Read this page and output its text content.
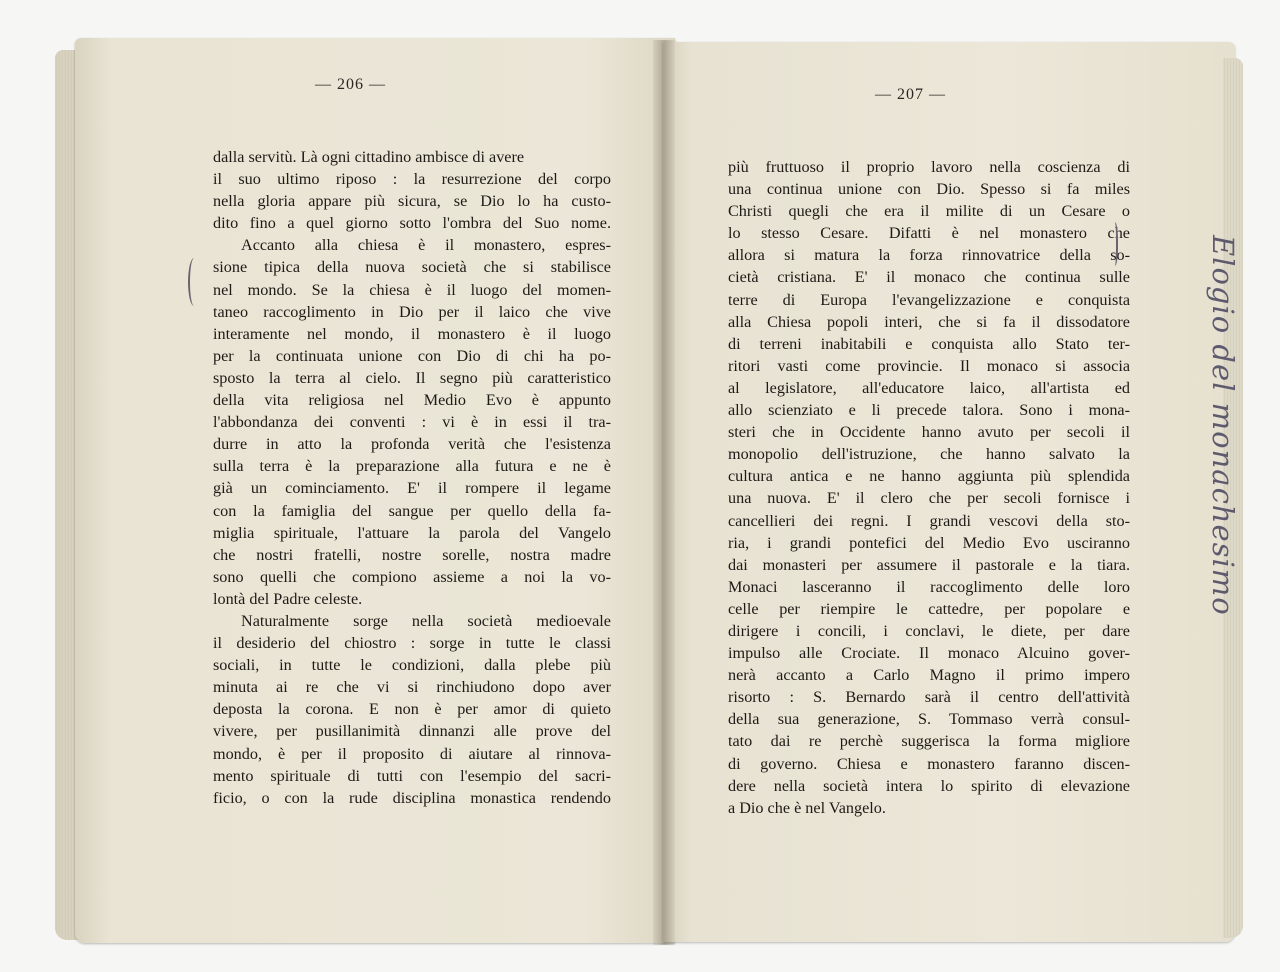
— 206 —
— 207 —
dalla servitù. Là ogni cittadino ambisce di avere
il suo ultimo riposo : la resurrezione del corpo
nella gloria appare più sicura, se Dio lo ha custo-
dito fino a quel giorno sotto l'ombra del Suo nome.
Accanto alla chiesa è il monastero, espres-
sione tipica della nuova società che si stabilisce
nel mondo. Se la chiesa è il luogo del momen-
taneo raccoglimento in Dio per il laico che vive
interamente nel mondo, il monastero è il luogo
per la continuata unione con Dio di chi ha po-
sposto la terra al cielo. Il segno più caratteristico
della vita religiosa nel Medio Evo è appunto
l'abbondanza dei conventi : vi è in essi il tra-
durre in atto la profonda verità che l'esistenza
sulla terra è la preparazione alla futura e ne è
già un cominciamento. E' il rompere il legame
con la famiglia del sangue per quello della fa-
miglia spirituale, l'attuare la parola del Vangelo
che nostri fratelli, nostre sorelle, nostra madre
sono quelli che compiono assieme a noi la vo-
lontà del Padre celeste.
Naturalmente sorge nella società medioevale
il desiderio del chiostro : sorge in tutte le classi
sociali, in tutte le condizioni, dalla plebe più
minuta ai re che vi si rinchiudono dopo aver
deposta la corona. E non è per amor di quieto
vivere, per pusillanimità dinnanzi alle prove del
mondo, è per il proposito di aiutare al rinnova-
mento spirituale di tutti con l'esempio del sacri-
ficio, o con la rude disciplina monastica rendendo
più fruttuoso il proprio lavoro nella coscienza di
una continua unione con Dio. Spesso si fa miles
Christi quegli che era il milite di un Cesare o
lo stesso Cesare. Difatti è nel monastero che
allora si matura la forza rinnovatrice della so-
cietà cristiana. E' il monaco che continua sulle
terre di Europa l'evangelizzazione e conquista
alla Chiesa popoli interi, che si fa il dissodatore
di terreni inabitabili e conquista allo Stato ter-
ritori vasti come provincie. Il monaco si associa
al legislatore, all'educatore laico, all'artista ed
allo scienziato e li precede talora. Sono i mona-
steri che in Occidente hanno avuto per secoli il
monopolio dell'istruzione, che hanno salvato la
cultura antica e ne hanno aggiunta più splendida
una nuova. E' il clero che per secoli fornisce i
cancellieri dei regni. I grandi vescovi della sto-
ria, i grandi pontefici del Medio Evo usciranno
dai monasteri per assumere il pastorale e la tiara.
Monaci lasceranno il raccoglimento delle loro
celle per riempire le cattedre, per popolare e
dirigere i concili, i conclavi, le diete, per dare
impulso alle Crociate. Il monaco Alcuino gover-
nerà accanto a Carlo Magno il primo impero
risorto : S. Bernardo sarà il centro dell'attività
della sua generazione, S. Tommaso verrà consul-
tato dai re perchè suggerisca la forma migliore
di governo. Chiesa e monastero faranno discen-
dere nella società intera lo spirito di elevazione
a Dio che è nel Vangelo.
Elogio del monachesimo
